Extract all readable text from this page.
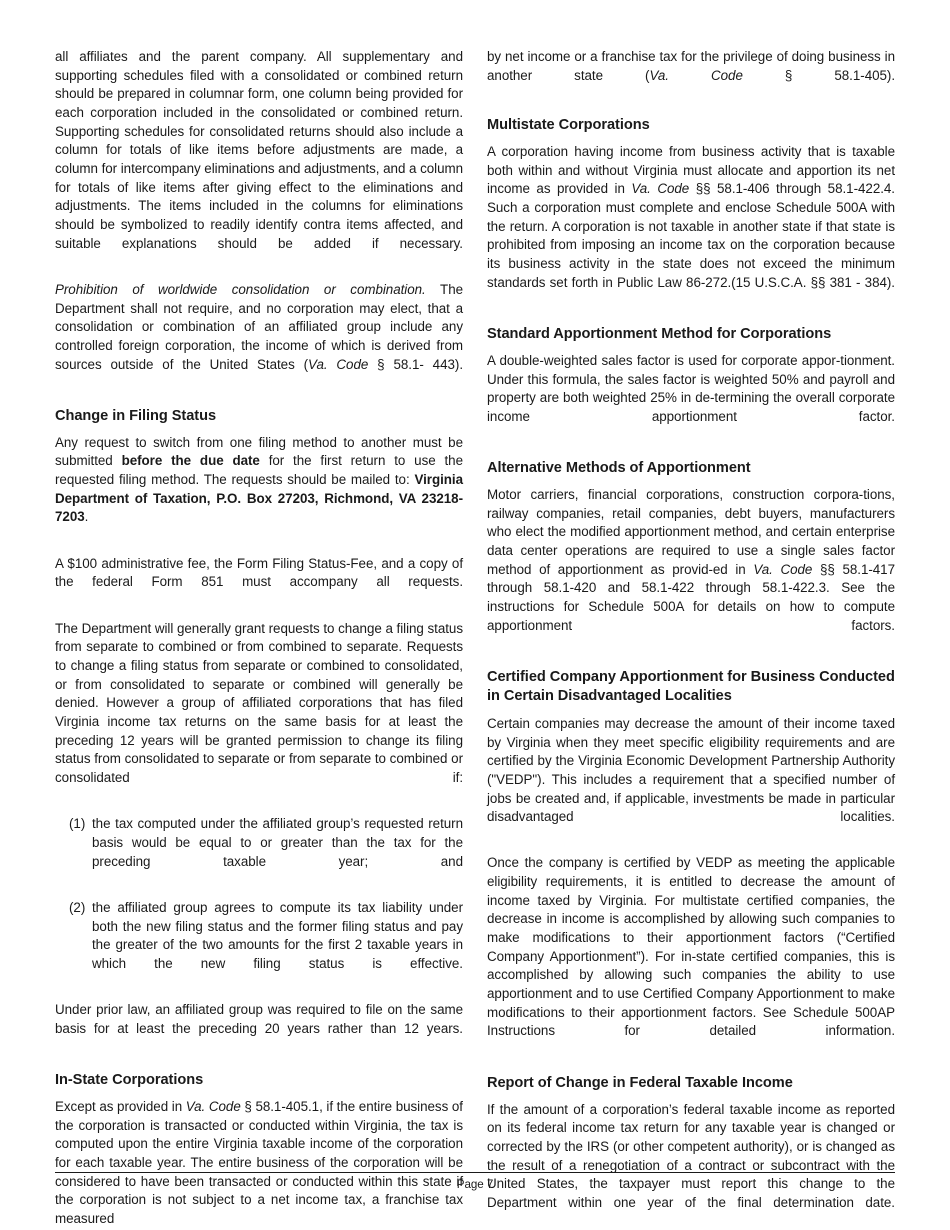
all affiliates and the parent company. All supplementary and supporting schedules filed with a consolidated or combined return should be prepared in columnar form, one column being provided for each corporation included in the consolidated or combined return. Supporting schedules for consolidated returns should also include a column for totals of like items before adjustments are made, a column for intercompany eliminations and adjustments, and a column for totals of like items after giving effect to the eliminations and adjustments. The items included in the columns for eliminations should be symbolized to readily identify contra items affected, and suitable explanations should be added if necessary.

Prohibition of worldwide consolidation or combination. The Department shall not require, and no corporation may elect, that a consolidation or combination of an affiliated group include any controlled foreign corporation, the income of which is derived from sources outside of the United States (Va. Code § 58.1- 443).

Change in Filing Status

Any request to switch from one filing method to another must be submitted before the due date for the first return to use the requested filing method. The requests should be mailed to: Virginia Department of Taxation, P.O. Box 27203, Richmond, VA 23218-7203.

A $100 administrative fee, the Form Filing Status-Fee, and a copy of the federal Form 851 must accompany all requests.

The Department will generally grant requests to change a filing status from separate to combined or from combined to separate. Requests to change a filing status from separate or combined to consolidated, or from consolidated to separate or combined will generally be denied. However a group of affiliated corporations that has filed Virginia income tax returns on the same basis for at least the preceding 12 years will be granted permission to change its filing status from consolidated to separate or from separate to combined or consolidated if:

(1) the tax computed under the affiliated group’s requested return basis would be equal to or greater than the tax for the preceding taxable year; and
(2) the affiliated group agrees to compute its tax liability under both the new filing status and the former filing status and pay the greater of the two amounts for the first 2 taxable years in which the new filing status is effective.

Under prior law, an affiliated group was required to file on the same basis for at least the preceding 20 years rather than 12 years.

In-State Corporations

Except as provided in Va. Code § 58.1-405.1, if the entire business of the corporation is transacted or conducted within Virginia, the tax is computed upon the entire Virginia taxable income of the corporation for each taxable year. The entire business of the corporation will be considered to have been transacted or conducted within this state if the corporation is not subject to a net income tax, a franchise tax measured

by net income or a franchise tax for the privilege of doing business in another state (Va. Code § 58.1-405).

Multistate Corporations

A corporation having income from business activity that is taxable both within and without Virginia must allocate and apportion its net income as provided in Va. Code §§ 58.1-406 through 58.1-422.4. Such a corporation must complete and enclose Schedule 500A with the return. A corporation is not taxable in another state if that state is prohibited from imposing an income tax on the corporation because its business activity in the state does not exceed the minimum standards set forth in Public Law 86-272.(15 U.S.C.A. §§ 381 - 384).

Standard Apportionment Method for Corporations

A double-weighted sales factor is used for corporate appor-tionment. Under this formula, the sales factor is weighted 50% and payroll and property are both weighted 25% in de-termining the overall corporate income apportionment factor.

Alternative Methods of Apportionment

Motor carriers, financial corporations, construction corpora-tions, railway companies, retail companies, debt buyers, manufacturers who elect the modified apportionment method, and certain enterprise data center operations are required to use a single sales factor method of apportionment as provid-ed in Va. Code §§ 58.1-417 through 58.1-420 and 58.1-422 through 58.1-422.3. See the instructions for Schedule 500A for details on how to compute apportionment factors.

Certified Company Apportionment for Business Conducted in Certain Disadvantaged Localities

Certain companies may decrease the amount of their income taxed by Virginia when they meet specific eligibility requirements and are certified by the Virginia Economic Development Partnership Authority ("VEDP"). This includes a requirement that a specified number of jobs be created and, if applicable, investments be made in particular disadvantaged localities.

Once the company is certified by VEDP as meeting the applicable eligibility requirements, it is entitled to decrease the amount of income taxed by Virginia. For multistate certified companies, the decrease in income is accomplished by allowing such companies to make modifications to their apportionment factors (“Certified Company Apportionment”). For in-state certified companies, this is accomplished by allowing such companies the ability to use apportionment and to use Certified Company Apportionment to make modifications to their apportionment factors. See Schedule 500AP Instructions for detailed information.

Report of Change in Federal Taxable Income

If the amount of a corporation’s federal taxable income as reported on its federal income tax return for any taxable year is changed or corrected by the IRS (or other competent authority), or is changed as the result of a renegotiation of a contract or subcontract with the United States, the taxpayer must report this change to the Department within one year of the final determination date.

Page 7
